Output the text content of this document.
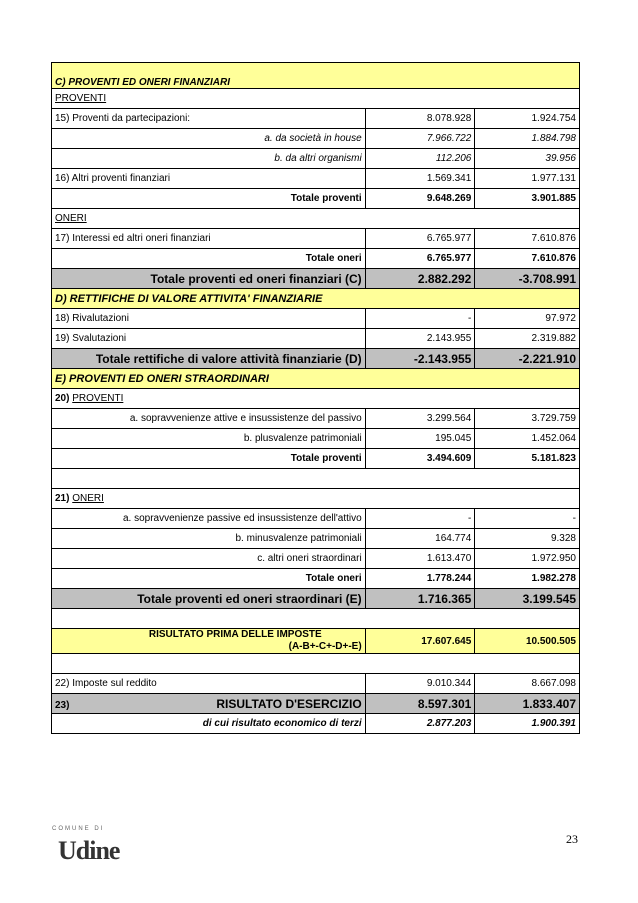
C) PROVENTI ED ONERI FINANZIARI		
PROVENTI		
15) Proventi da partecipazioni:	8.078.928	1.924.754
a. da società in house	7.966.722	1.884.798
b. da altri organismi	112.206	39.956
16) Altri proventi finanziari	1.569.341	1.977.131
Totale proventi	9.648.269	3.901.885
ONERI		
17) Interessi ed altri oneri finanziari	6.765.977	7.610.876
Totale oneri	6.765.977	7.610.876
Totale proventi ed oneri finanziari (C)	2.882.292	-3.708.991
D) RETTIFICHE DI VALORE ATTIVITA' FINANZIARIE		
18) Rivalutazioni	-	97.972
19) Svalutazioni	2.143.955	2.319.882
Totale rettifiche di valore attività finanziarie (D)	-2.143.955	-2.221.910
E) PROVENTI ED ONERI STRAORDINARI		
20) PROVENTI		
a. sopravvenienze attive e insussistenze del passivo	3.299.564	3.729.759
b. plusvalenze patrimoniali	195.045	1.452.064
Totale proventi	3.494.609	5.181.823

21) ONERI		
a. sopravvenienze passive ed insussistenze dell'attivo	-	-
b. minusvalenze patrimoniali	164.774	9.328
c. altri oneri straordinari	1.613.470	1.972.950
Totale oneri	1.778.244	1.982.278
Totale proventi ed oneri straordinari (E)	1.716.365	3.199.545

RISULTATO PRIMA DELLE IMPOSTE
(A-B+-C+-D+-E)	17.607.645	10.500.505

22) Imposte sul reddito	9.010.344	8.667.098
23) RISULTATO D'ESERCIZIO	8.597.301	1.833.407
di cui risultato economico di terzi	2.877.203	1.900.391
COMUNE DI
Udine	23
